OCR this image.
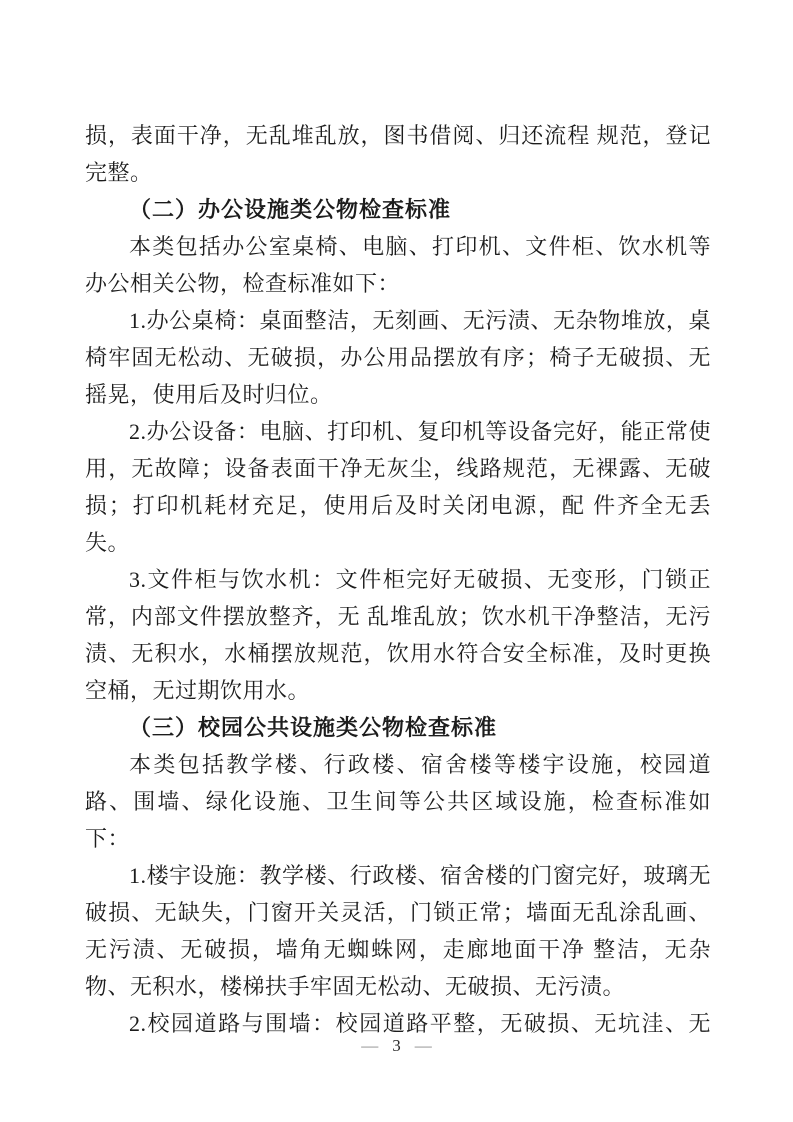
损，表面干净，无乱堆乱放，图书借阅、归还流程 规范，登记完整。

（二）办公设施类公物检查标准

本类包括办公室桌椅、电脑、打印机、文件柜、饮水机等办公相关公物，检查标准如下：

1.办公桌椅：桌面整洁，无刻画、无污渍、无杂物堆放，桌椅牢固无松动、无破损，办公用品摆放有序；椅子无破损、无摇晃，使用后及时归位。

2.办公设备：电脑、打印机、复印机等设备完好，能正常使用，无故障；设备表面干净无灰尘，线路规范，无裸露、无破损；打印机耗材充足，使用后及时关闭电源，配 件齐全无丢失。

3.文件柜与饮水机：文件柜完好无破损、无变形，门锁正常，内部文件摆放整齐，无 乱堆乱放；饮水机干净整洁，无污渍、无积水，水桶摆放规范，饮用水符合安全标准，及时更换空桶，无过期饮用水。

（三）校园公共设施类公物检查标准

本类包括教学楼、行政楼、宿舍楼等楼宇设施，校园道路、围墙、绿化设施、卫生间等公共区域设施，检查标准如下：

1.楼宇设施：教学楼、行政楼、宿舍楼的门窗完好，玻璃无破损、无缺失，门窗开关灵活，门锁正常；墙面无乱涂乱画、无污渍、无破损，墙角无蜘蛛网，走廊地面干净 整洁，无杂物、无积水，楼梯扶手牢固无松动、无破损、无污渍。

2.校园道路与围墙：校园道路平整，无破损、无坑洼、无

— 3 —
